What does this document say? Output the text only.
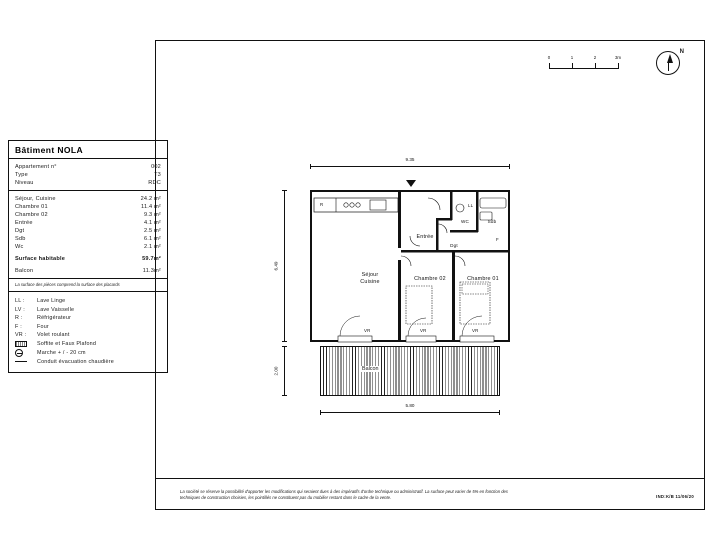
Bâtiment NOLA
Appartement n°	002
Type	T3
Niveau	RDC
Séjour, Cuisine	24.2 m²
Chambre 01	11.4 m²
Chambre 02	9.3 m²
Entrée	4.1 m²
Dgt	2.5 m²
Sdb	6.1 m²
Wc	2.1 m²
Surface habitable	59.7m²
Balcon	11.3m²
La surface des pièces comprend la surface des placards
LL :	Lave Linge
LV :	Lave Vaisselle
R :	Réfrigérateur
F :	Four
VR :	Volet roulant
Soffite et Faux Plafond
Marche + / - 20 cm
Conduit évacuation chaudière
0	1	2	3m
N
La société se réserve la possibilité d'apporter les modifications qui seraient dues à des impératifs d'ordre technique ou administratif. La surface peut varier de 5% en fonction des techniques de construction choisies, les pointillés ne constituent pas du mobilier restant dans le cadre de la vente.	IND:K/B 11/06/20
9.35
6.49
2.00
5.80
Séjour
Cuisine	Chambre 02	Chambre 01
Entrée
Dgt
WC	Sdb
R
F
LL
VR	VR	VR
Balcon
